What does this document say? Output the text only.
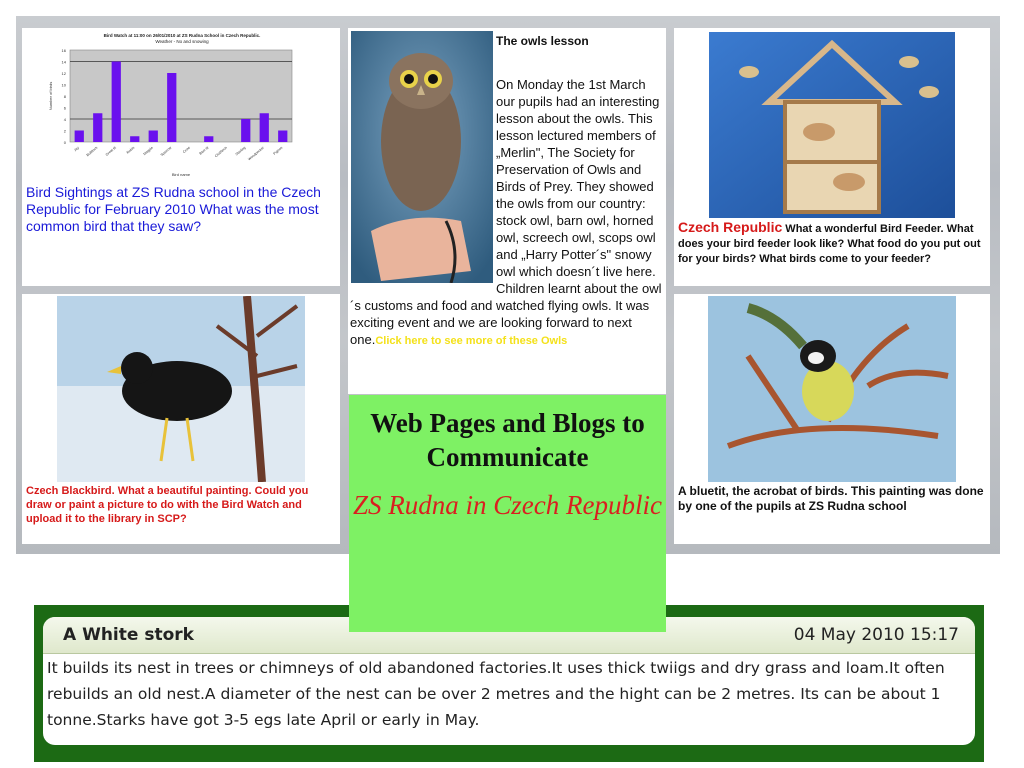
Bird Watch at 11:00 on 26/01/2010 at ZS Rudna School in Czech Republic.
Weather - No and snowing
0
2
4
6
8
10
12
14
16
Jay Bullfinch Great tit	Robin Magpie Sparrow	Crow Blue tit Chaffinch Starling Woodpecker Pigeon
Number of birds
Bird name
Bird Sightings at ZS Rudna school in the Czech Republic for February 2010 What was the most common bird that they saw?
The owls lesson
On Monday the 1st March our pupils had an interesting lesson about the owls. This lesson lectured members of „Merlin", The Society for Preservation of Owls and Birds of Prey. They showed the owls from our country: stock owl, barn owl, horned owl, screech owl, scops owl and „Harry Potter´s" snowy owl which doesn´t live here. Children learnt about the owl´s customs and food and watched flying owls. It was exciting event and we are looking forward to next one.Click here to see more of these Owls
Czech Republic What a wonderful Bird Feeder. What does your bird feeder look like? What food do you put out for your birds? What birds come to your feeder?
Czech Blackbird. What a beautiful painting. Could you draw or paint a picture to do with the Bird Watch and upload it to the library in SCP?
A bluetit, the acrobat of birds. This painting was done by one of the pupils at ZS Rudna school
Web Pages and Blogs to Communicate
ZS Rudna in Czech Republic
A White stork	04 May 2010 15:17
It builds its nest in trees or chimneys of old abandoned factories.It uses thick twiigs and dry grass and loam.It often rebuilds an old nest.A diameter of the nest can be over 2 metres and the hight can be 2 metres. Its can be about 1 tonne.Starks have got 3-5 egs late April or early in May.
